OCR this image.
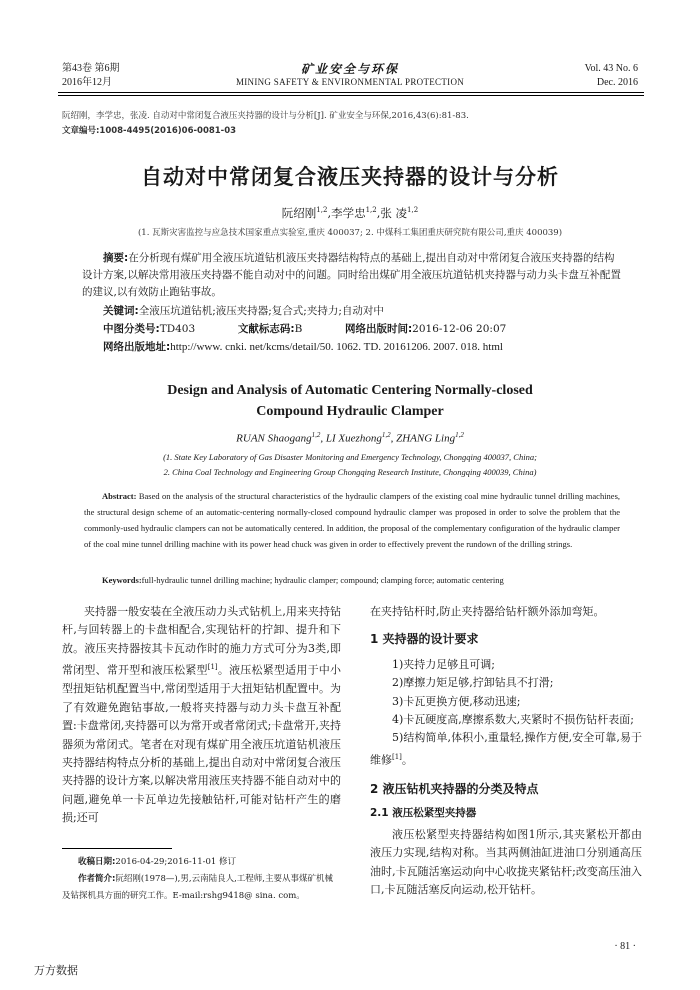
第43卷 第6期
2016年12月
矿业安全与环保
MINING SAFETY & ENVIRONMENTAL PROTECTION
Vol. 43 No. 6
Dec. 2016
阮绍刚，李学忠，张凌. 自动对中常闭复合液压夹持器的设计与分析[J]. 矿业安全与环保,2016,43(6):81-83.
文章编号:1008-4495(2016)06-0081-03
自动对中常闭复合液压夹持器的设计与分析
阮绍刚$^{1,2}$,李学忠$^{1,2}$,张 凌$^{1,2}$
(1. 瓦斯灾害监控与应急技术国家重点实验室,重庆 400037; 2. 中煤科工集团重庆研究院有限公司,重庆 400039)
摘要:在分析现有煤矿用全液压坑道钻机液压夹持器结构特点的基础上,提出自动对中常闭复合液压夹持器的结构设计方案,以解决常用液压夹持器不能自动对中的问题。同时给出煤矿用全液压坑道钻机夹持器与动力头卡盘互补配置的建议,以有效防止跑钻事故。
关键词:全液压坑道钻机;液压夹持器;复合式;夹持力;自动对中
中图分类号:TD403	文献标志码:B	网络出版时间:2016-12-06 20:07
网络出版地址:http://www. cnki. net/kcms/detail/50. 1062. TD. 20161206. 2007. 018. html
Design and Analysis of Automatic Centering Normally-closed
Compound Hydraulic Clamper
RUAN Shaogang$^{1,2}$, LI Xuezhong$^{1,2}$, ZHANG Ling$^{1,2}$
(1. State Key Laboratory of Gas Disaster Monitoring and Emergency Technology, Chongqing 400037, China;
2. China Coal Technology and Engineering Group Chongqing Research Institute, Chongqing 400039, China)
Abstract: Based on the analysis of the structural characteristics of the hydraulic clampers of the existing coal mine hydraulic tunnel drilling machines, the structural design scheme of an automatic-centering normally-closed compound hydraulic clamper was proposed in order to solve the problem that the commonly-used hydraulic clampers can not be automatically centered. In addition, the proposal of the complementary configuration of the hydraulic clamper of the coal mine tunnel drilling machine with its power head chuck was given in order to effectively prevent the rundown of the drilling strings.
Keywords:full-hydraulic tunnel drilling machine; hydraulic clamper; compound; clamping force; automatic centering

夹持器一般安装在全液压动力头式钻机上,用来夹持钻杆,与回转器上的卡盘相配合,实现钻杆的拧卸、提升和下放。液压夹持器按其卡瓦动作时的施力方式可分为3类,即常闭型、常开型和液压松紧型[1]。液压松紧型适用于中小型扭矩钻机配置当中,常闭型适用于大扭矩钻机配置中。为了有效避免跑钻事故,一般将夹持器与动力头卡盘互补配置:卡盘常闭,夹持器可以为常开或者常闭式;卡盘常开,夹持器须为常闭式。笔者在对现有煤矿用全液压坑道钻机液压夹持器结构特点分析的基础上,提出自动对中常闭复合液压夹持器的设计方案,以解决常用液压夹持器不能自动对中的问题,避免单一卡瓦单边先接触钻杆,可能对钻杆产生的磨损;还可

收稿日期:2016-04-29;2016-11-01 修订
作者简介:阮绍刚(1978—),男,云南陆良人,工程师,主要从事煤矿机械及钻探机具方面的研究工作。E-mail:rshg9418@ sina. com。
在夹持钻杆时,防止夹持器给钻杆额外添加弯矩。
1 夹持器的设计要求

1)夹持力足够且可调;

2)摩擦力矩足够,拧卸钻具不打滑;

3)卡瓦更换方便,移动迅速;

4)卡瓦硬度高,摩擦系数大,夹紧时不损伤钻杆表面;

5)结构简单,体积小,重量轻,操作方便,安全可靠,易于维修[1]。

2 液压钻机夹持器的分类及特点
2.1 液压松紧型夹持器

液压松紧型夹持器结构如图1所示,其夹紧松开都由液压力实现,结构对称。当其两侧油缸进油口分别通高压油时,卡瓦随活塞运动向中心收拢夹紧钻杆;改变高压油入口,卡瓦随活塞反向运动,松开钻杆。

· 81 ·
万方数据
